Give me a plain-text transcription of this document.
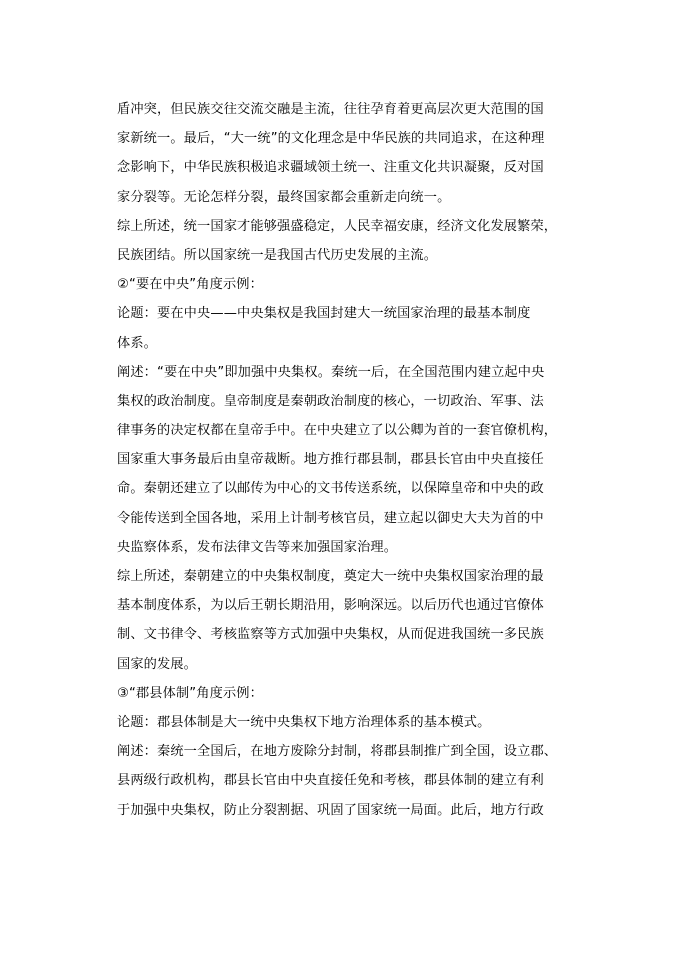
盾冲突，但民族交往交流交融是主流，往往孕育着更高层次更大范围的国
家新统一。最后，“大一统”的文化理念是中华民族的共同追求，在这种理
念影响下，中华民族积极追求疆域领土统一、注重文化共识凝聚，反对国
家分裂等。无论怎样分裂，最终国家都会重新走向统一。
综上所述，统一国家才能够强盛稳定，人民幸福安康，经济文化发展繁荣，
民族团结。所以国家统一是我国古代历史发展的主流。
②“要在中央”角度示例：
论题：要在中央——中央集权是我国封建大一统国家治理的最基本制度
体系。
阐述：“要在中央”即加强中央集权。秦统一后，在全国范围内建立起中央
集权的政治制度。皇帝制度是秦朝政治制度的核心，一切政治、军事、法
律事务的决定权都在皇帝手中。在中央建立了以公卿为首的一套官僚机构，
国家重大事务最后由皇帝裁断。地方推行郡县制，郡县长官由中央直接任
命。秦朝还建立了以邮传为中心的文书传送系统，以保障皇帝和中央的政
令能传送到全国各地，采用上计制考核官员，建立起以御史大夫为首的中
央监察体系，发布法律文告等来加强国家治理。
综上所述，秦朝建立的中央集权制度，奠定大一统中央集权国家治理的最
基本制度体系，为以后王朝长期沿用，影响深远。以后历代也通过官僚体
制、文书律令、考核监察等方式加强中央集权，从而促进我国统一多民族
国家的发展。
③“郡县体制”角度示例：
论题：郡县体制是大一统中央集权下地方治理体系的基本模式。
阐述：秦统一全国后，在地方废除分封制，将郡县制推广到全国，设立郡、
县两级行政机构，郡县长官由中央直接任免和考核，郡县体制的建立有利
于加强中央集权，防止分裂割据、巩固了国家统一局面。此后，地方行政
